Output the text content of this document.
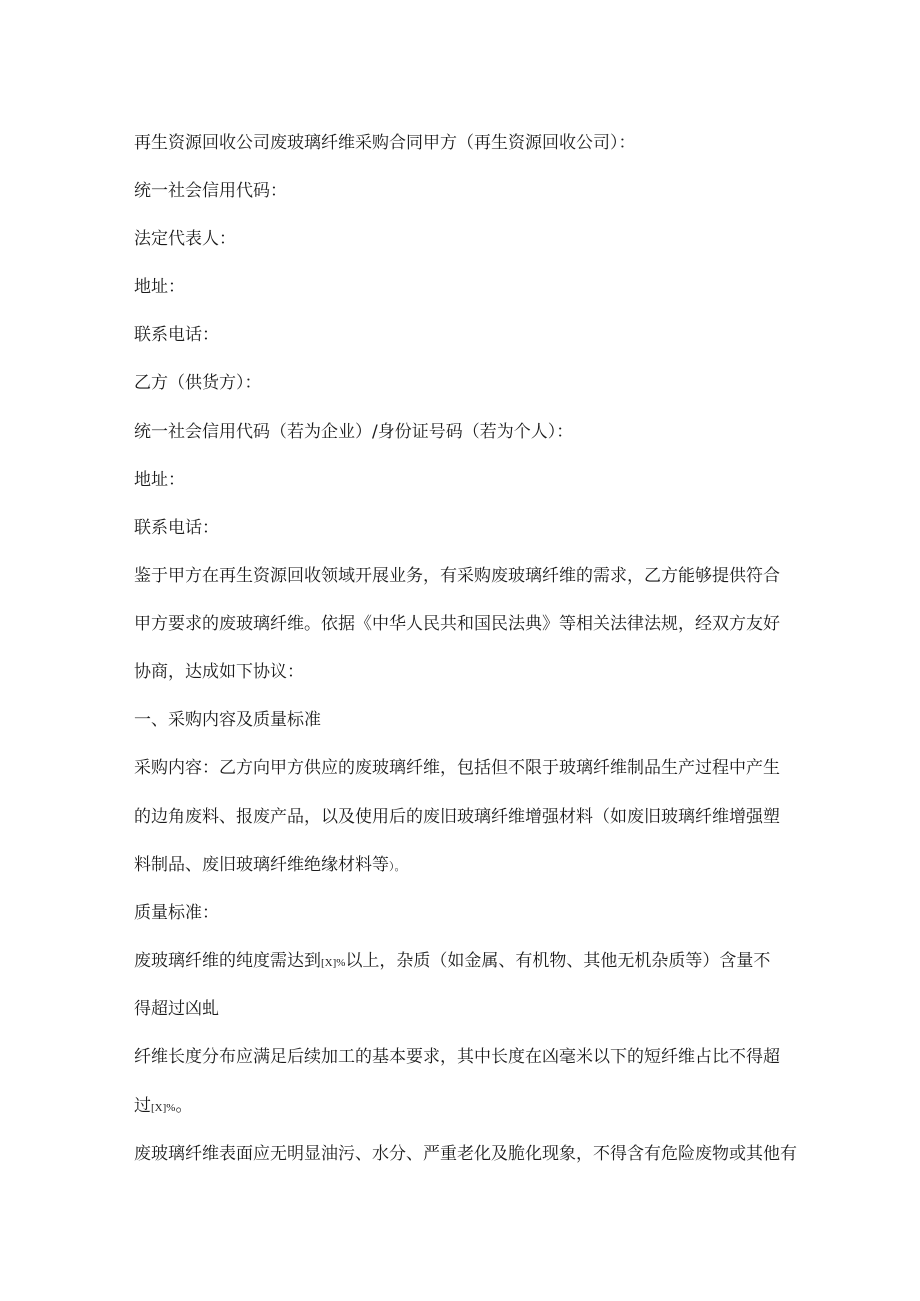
再生资源回收公司废玻璃纤维采购合同甲方（再生资源回收公司）：
统一社会信用代码：
法定代表人：
地址：
联系电话：
乙方（供货方）：
统一社会信用代码（若为企业）/身份证号码（若为个人）：
地址：
联系电话：
鉴于甲方在再生资源回收领域开展业务，有采购废玻璃纤维的需求，乙方能够提供符合
甲方要求的废玻璃纤维。依据《中华人民共和国民法典》等相关法律法规，经双方友好
协商，达成如下协议：
一、采购内容及质量标准
采购内容：乙方向甲方供应的废玻璃纤维，包括但不限于玻璃纤维制品生产过程中产生
的边角废料、报废产品，以及使用后的废旧玻璃纤维增强材料（如废旧玻璃纤维增强塑
料制品、废旧玻璃纤维绝缘材料等）。
质量标准：
废玻璃纤维的纯度需达到[X]%以上，杂质（如金属、有机物、其他无机杂质等）含量不
得超过凶虬
纤维长度分布应满足后续加工的基本要求，其中长度在凶毫米以下的短纤维占比不得超
过[X]%。
废玻璃纤维表面应无明显油污、水分、严重老化及脆化现象，不得含有危险废物或其他有
